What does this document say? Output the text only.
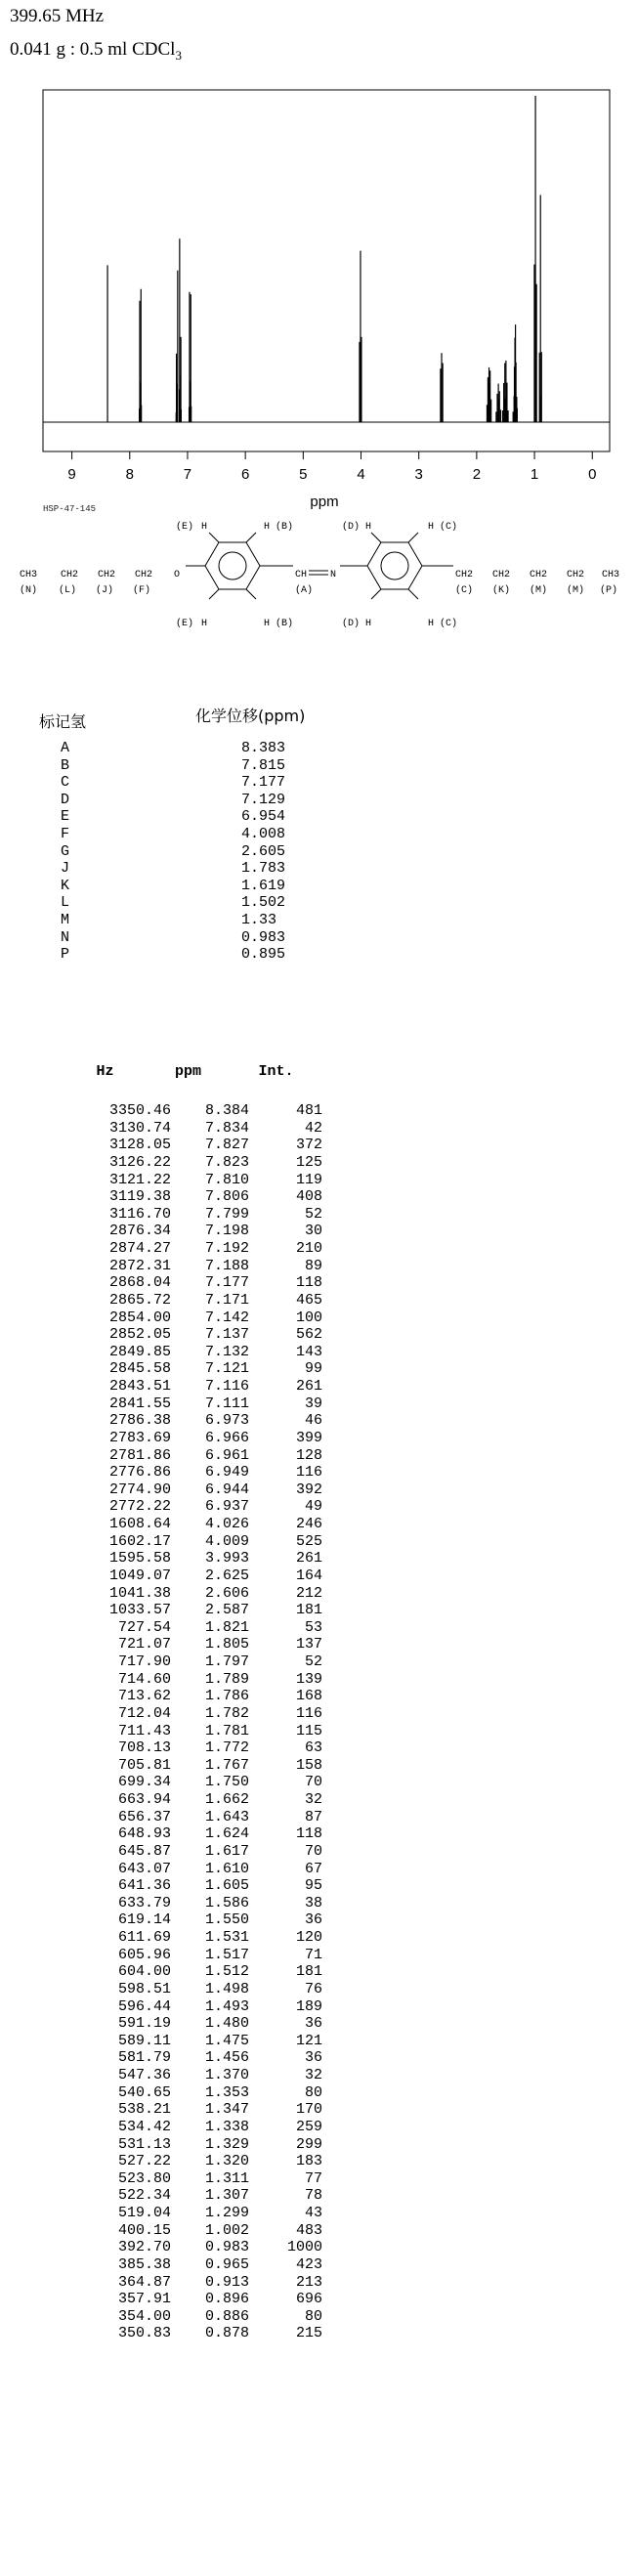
399.65 MHz
0.041 g : 0.5 ml CDCl$_3$
9	8	7	6	5	4	3	2	1	0
ppm
HSP-47-145
CH3 CH2 CH2 CH2 O
(N) (L) (J) (F)
(E) H	H (B)
(E) H	H (B)
CH N
(A)
(D) H	H (C)
(D) H	H (C)
CH2 CH2 CH2 CH2 CH3
(C) (K) (M) (M) (P)
标记氢	化学位移(ppm)
A	8.383
B	7.815
C	7.177
D	7.129
E	6.954
F	4.008
G	2.605
J	1.783
K	1.619
L	1.502
M	1.33
N	0.983
P	0.895
Hz	ppm	Int.
3350.46	8.384	481
3130.74	7.834	42
3128.05	7.827	372
3126.22	7.823	125
3121.22	7.810	119
3119.38	7.806	408
3116.70	7.799	52
2876.34	7.198	30
2874.27	7.192	210
2872.31	7.188	89
2868.04	7.177	118
2865.72	7.171	465
2854.00	7.142	100
2852.05	7.137	562
2849.85	7.132	143
2845.58	7.121	99
2843.51	7.116	261
2841.55	7.111	39
2786.38	6.973	46
2783.69	6.966	399
2781.86	6.961	128
2776.86	6.949	116
2774.90	6.944	392
2772.22	6.937	49
1608.64	4.026	246
1602.17	4.009	525
1595.58	3.993	261
1049.07	2.625	164
1041.38	2.606	212
1033.57	2.587	181
727.54	1.821	53
721.07	1.805	137
717.90	1.797	52
714.60	1.789	139
713.62	1.786	168
712.04	1.782	116
711.43	1.781	115
708.13	1.772	63
705.81	1.767	158
699.34	1.750	70
663.94	1.662	32
656.37	1.643	87
648.93	1.624	118
645.87	1.617	70
643.07	1.610	67
641.36	1.605	95
633.79	1.586	38
619.14	1.550	36
611.69	1.531	120
605.96	1.517	71
604.00	1.512	181
598.51	1.498	76
596.44	1.493	189
591.19	1.480	36
589.11	1.475	121
581.79	1.456	36
547.36	1.370	32
540.65	1.353	80
538.21	1.347	170
534.42	1.338	259
531.13	1.329	299
527.22	1.320	183
523.80	1.311	77
522.34	1.307	78
519.04	1.299	43
400.15	1.002	483
392.70	0.983	1000
385.38	0.965	423
364.87	0.913	213
357.91	0.896	696
354.00	0.886	80
350.83	0.878	215
